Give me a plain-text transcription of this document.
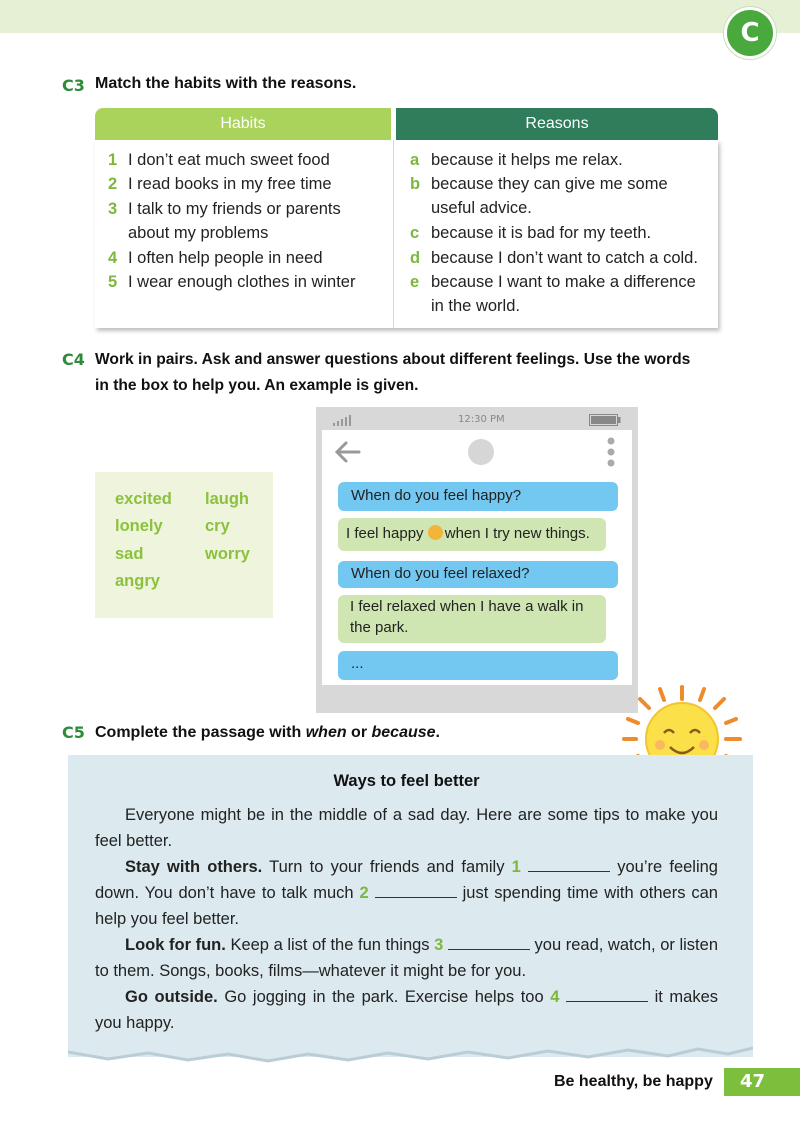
C
C3 Match the habits with the reasons.
Habits	Reasons
1 I don’t eat much sweet food
2 I read books in my free time
3 I talk to my friends or parents
about my problems
4 I often help people in need
5 I wear enough clothes in winter
a because it helps me relax.
b because they can give me some
useful advice.
c because it is bad for my teeth.
d because I don’t want to catch a cold.
e because I want to make a difference
in the world.
C4 Work in pairs. Ask and answer questions about different feelings. Use the words
in the box to help you. An example is given.
excited
lonely
sad
angry
laugh
cry
worry
12:30 PM
When do you feel happy?
I feel happy when I try new things.
When do you feel relaxed?
I feel relaxed when I have a walk in
the park.
...
C5 Complete the passage with when or because.
Ways to feel better

Everyone might be in the middle of a sad day. Here are some tips to make you feel better.

Stay with others. Turn to your friends and family 1	you’re feeling down. You don’t have to talk much 2	just spending time with others can help you feel better.

Look for fun. Keep a list of the fun things 3	you read, watch, or listen to them. Songs, books, films—whatever it might be for you.

Go outside. Go jogging in the park. Exercise helps too 4	it makes you happy.

Be healthy, be happy	47
